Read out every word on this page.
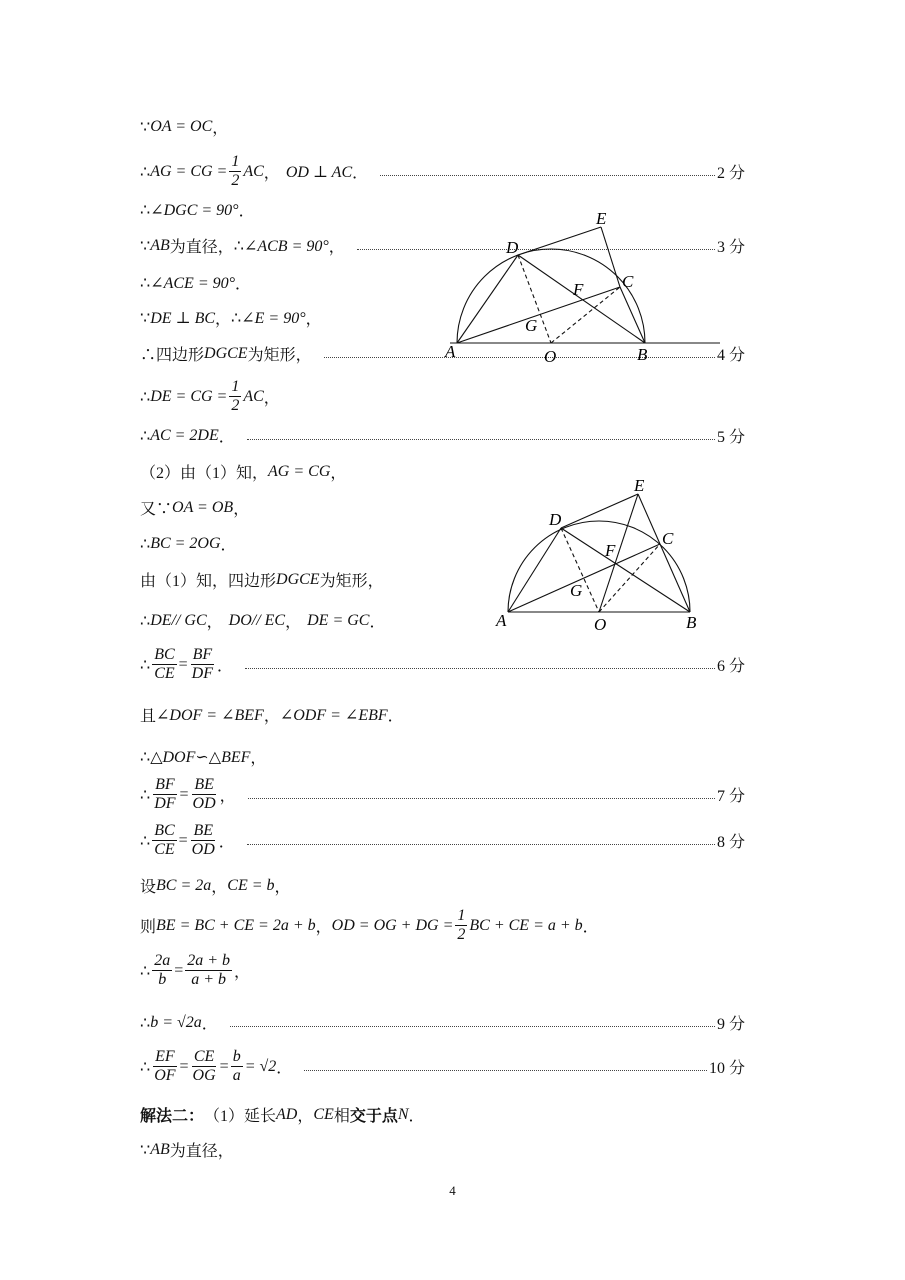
∵ OA = OC ，
∴ AG = CG = $\frac{1}{2}$ AC ， OD ⊥ AC ．	2 分
∴ ∠DGC = 90° ．
∵ AB 为直径， ∴ ∠ACB = 90° ，	3 分
∴ ∠ACE = 90° ．
∵ DE ⊥ BC ， ∴ ∠E = 90° ，
∴四边形 DGCE 为矩形，	4 分
∴ DE = CG = $\frac{1}{2}$ AC ，
∴ AC = 2DE ．	5 分
（2）由（1）知， AG = CG ，
又∵ OA = OB ，
∴ BC = 2OG ．
由（1）知，四边形 DGCE 为矩形，
∴ DE// GC ， DO// EC ， DE = GC ．
∴ $\frac{BC}{CE} = \frac{BF}{DF}$ ．	6 分
且 ∠DOF = ∠BEF ， ∠ODF = ∠EBF ．
∴ △DOF∽△BEF ，
∴ $\frac{BF}{DF} = \frac{BE}{OD}$ ，	7 分
∴ $\frac{BC}{CE} = \frac{BE}{OD}$ ．	8 分
设 BC = 2a ， CE = b ，
则 BE = BC + CE = 2a + b ， OD = OG + DG = $\frac{1}{2}$ BC + CE = a + b ．
∴ $\frac{2a}{b} = \frac{2a + b}{a + b}$ ，
∴ b = √2a ．	9 分
∴ $\frac{EF}{OF} = \frac{CE}{OG} = \frac{b}{a} = √2$ ．	10 分
解法二： （1）延长 AD ， CE 相 交于点 N ．
∵ AB 为直径，
A	O	B
C
D
E
F
G
A	O	B
C
D
E
F
G
4
